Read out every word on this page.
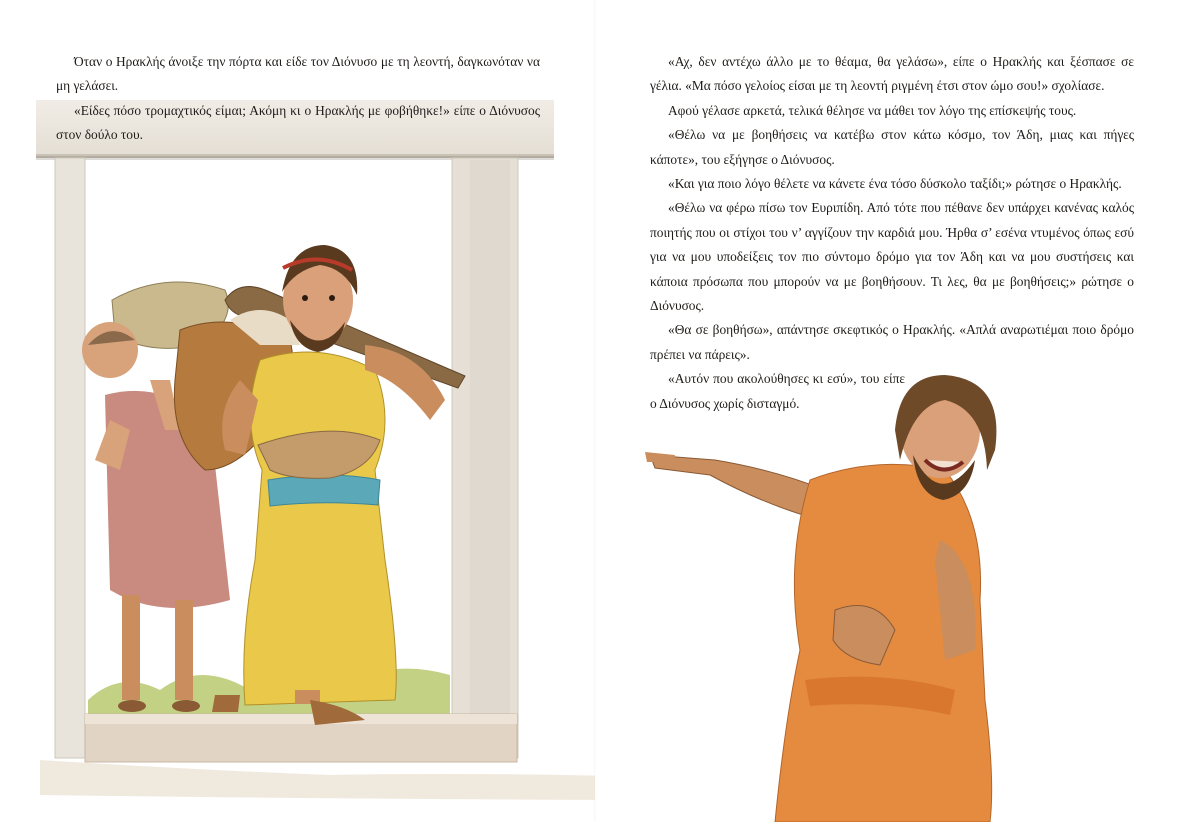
Όταν ο Ηρακλής άνοιξε την πόρτα και είδε τον Διόνυσο με τη λεοντή, δαγκωνόταν να μη γελάσει.

«Είδες πόσο τρομαχτικός είμαι; Ακόμη κι ο Ηρακλής με φοβήθηκε!» είπε ο Διόνυσος στον δούλο του.

«Αχ, δεν αντέχω άλλο με το θέαμα, θα γελάσω», είπε ο Ηρακλής και ξέσπασε σε γέλια. «Μα πόσο γελοίος είσαι με τη λεοντή ριγμένη έτσι στον ώμο σου!» σχολίασε.

Αφού γέλασε αρκετά, τελικά θέλησε να μάθει τον λόγο της επίσκεψής τους.

«Θέλω να με βοηθήσεις να κατέβω στον κάτω κόσμο, τον Άδη, μιας και πήγες κάποτε», του εξήγησε ο Διόνυσος.

«Και για ποιο λόγο θέλετε να κάνετε ένα τόσο δύσκολο ταξίδι;» ρώτησε ο Ηρακλής.

«Θέλω να φέρω πίσω τον Ευριπίδη. Από τότε που πέθανε δεν υπάρχει κανένας καλός ποιητής που οι στίχοι του ν’ αγγίζουν την καρδιά μου. Ήρθα σ’ εσένα ντυμένος όπως εσύ για να μου υποδείξεις τον πιο σύντομο δρόμο για τον Άδη και να μου συστήσεις και κάποια πρόσωπα που μπορούν να με βοηθήσουν. Τι λες, θα με βοηθήσεις;» ρώτησε ο Διόνυσος.

«Θα σε βοηθήσω», απάντησε σκεφτικός ο Ηρακλής. «Απλά αναρωτιέμαι ποιο δρόμο πρέπει να πάρεις».

«Αυτόν που ακολούθησες κι εσύ», του είπε ο Διόνυσος χωρίς δισταγμό.
